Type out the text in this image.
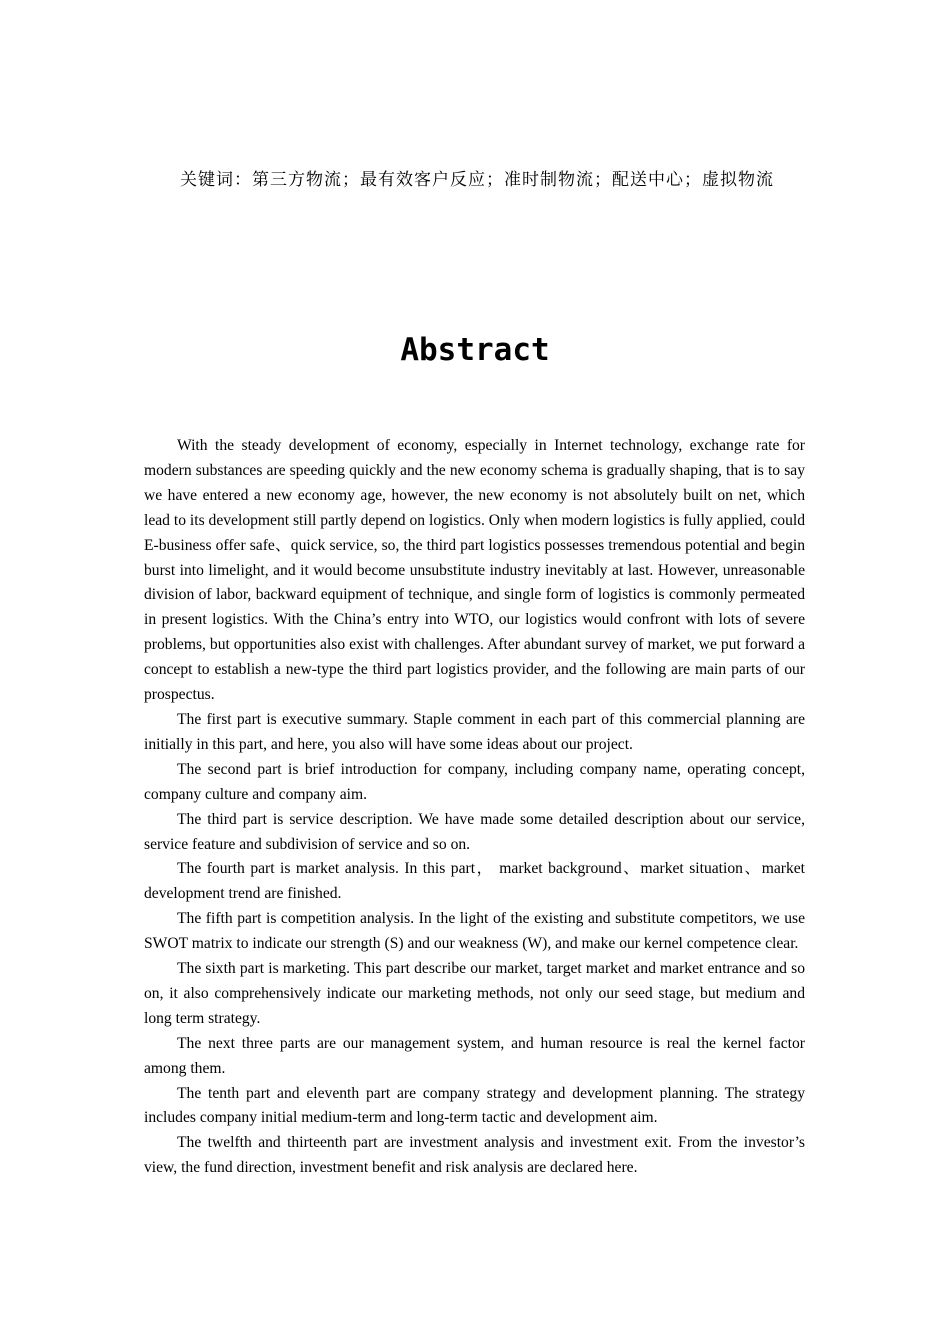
关键词：第三方物流；最有效客户反应；准时制物流；配送中心；虚拟物流

Abstract

With the steady development of economy, especially in Internet technology, exchange rate for modern substances are speeding quickly and the new economy schema is gradually shaping, that is to say we have entered a new economy age, however, the new economy is not absolutely built on net, which lead to its development still partly depend on logistics. Only when modern logistics is fully applied, could E-business offer safe、quick service, so, the third part logistics possesses tremendous potential and begin burst into limelight, and it would become unsubstitute industry inevitably at last. However, unreasonable division of labor, backward equipment of technique, and single form of logistics is commonly permeated in present logistics. With the China’s entry into WTO, our logistics would confront with lots of severe problems, but opportunities also exist with challenges. After abundant survey of market, we put forward a concept to establish a new-type the third part logistics provider, and the following are main parts of our prospectus.

The first part is executive summary. Staple comment in each part of this commercial planning are initially in this part, and here, you also will have some ideas about our project.

The second part is brief introduction for company, including company name, operating concept, company culture and company aim.

The third part is service description. We have made some detailed description about our service, service feature and subdivision of service and so on.

The fourth part is market analysis. In this part， market background、market situation、market development trend are finished.

The fifth part is competition analysis. In the light of the existing and substitute competitors, we use SWOT matrix to indicate our strength (S) and our weakness (W), and make our kernel competence clear.

The sixth part is marketing. This part describe our market, target market and market entrance and so on, it also comprehensively indicate our marketing methods, not only our seed stage, but medium and long term strategy.

The next three parts are our management system, and human resource is real the kernel factor among them.

The tenth part and eleventh part are company strategy and development planning. The strategy includes company initial medium-term and long-term tactic and development aim.

The twelfth and thirteenth part are investment analysis and investment exit. From the investor’s view, the fund direction, investment benefit and risk analysis are declared here.
